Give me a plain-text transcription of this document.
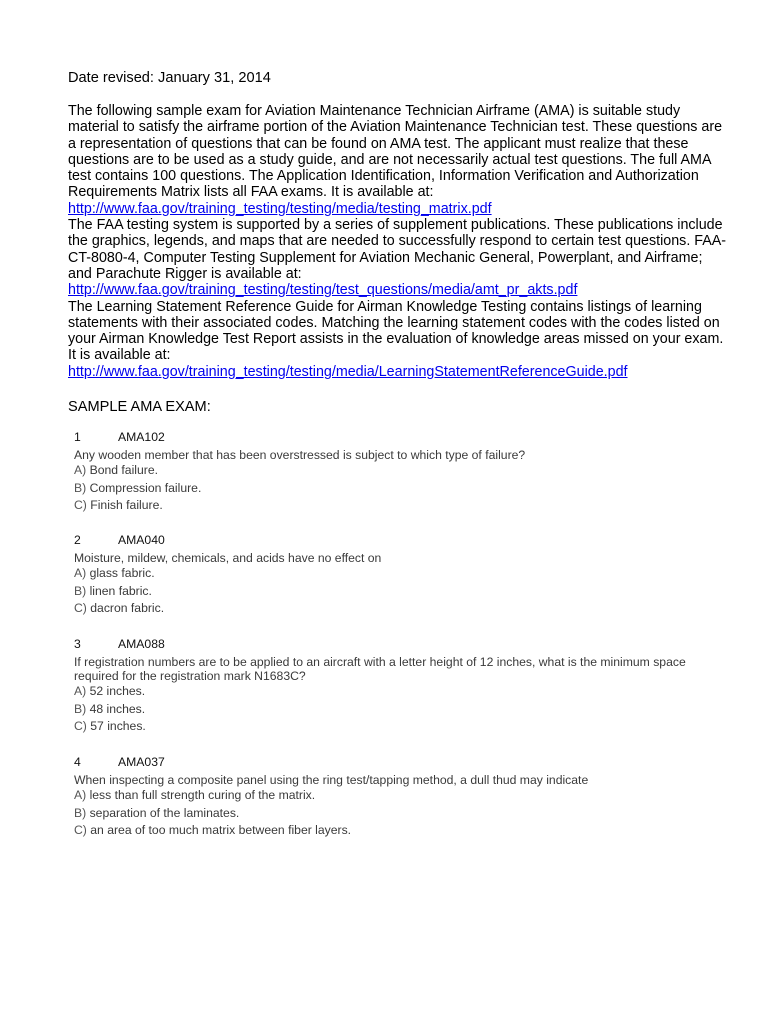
Date revised: January 31, 2014

The following sample exam for Aviation Maintenance Technician Airframe (AMA) is suitable study material to satisfy the airframe portion of the Aviation Maintenance Technician test. These questions are a representation of questions that can be found on AMA test. The applicant must realize that these questions are to be used as a study guide, and are not necessarily actual test questions. The full AMA test contains 100 questions. The Application Identification, Information Verification and Authorization Requirements Matrix lists all FAA exams. It is available at:

http://www.faa.gov/training_testing/testing/media/testing_matrix.pdf

The FAA testing system is supported by a series of supplement publications. These publications include the graphics, legends, and maps that are needed to successfully respond to certain test questions. FAA-CT-8080-4, Computer Testing Supplement for Aviation Mechanic General, Powerplant, and Airframe; and Parachute Rigger is available at:

http://www.faa.gov/training_testing/testing/test_questions/media/amt_pr_akts.pdf

The Learning Statement Reference Guide for Airman Knowledge Testing contains listings of learning statements with their associated codes. Matching the learning statement codes with the codes listed on your Airman Knowledge Test Report assists in the evaluation of knowledge areas missed on your exam. It is available at:

http://www.faa.gov/training_testing/testing/media/LearningStatementReferenceGuide.pdf
SAMPLE AMA EXAM:
1	AMA102
Any wooden member that has been overstressed is subject to which type of failure?
A) Bond failure.
B) Compression failure.
C) Finish failure.
2	AMA040
Moisture, mildew, chemicals, and acids have no effect on
A) glass fabric.
B) linen fabric.
C) dacron fabric.
3	AMA088
If registration numbers are to be applied to an aircraft with a letter height of 12 inches, what is the minimum space required for the registration mark N1683C?
A) 52 inches.
B) 48 inches.
C) 57 inches.
4	AMA037
When inspecting a composite panel using the ring test/tapping method, a dull thud may indicate
A) less than full strength curing of the matrix.
B) separation of the laminates.
C) an area of too much matrix between fiber layers.
